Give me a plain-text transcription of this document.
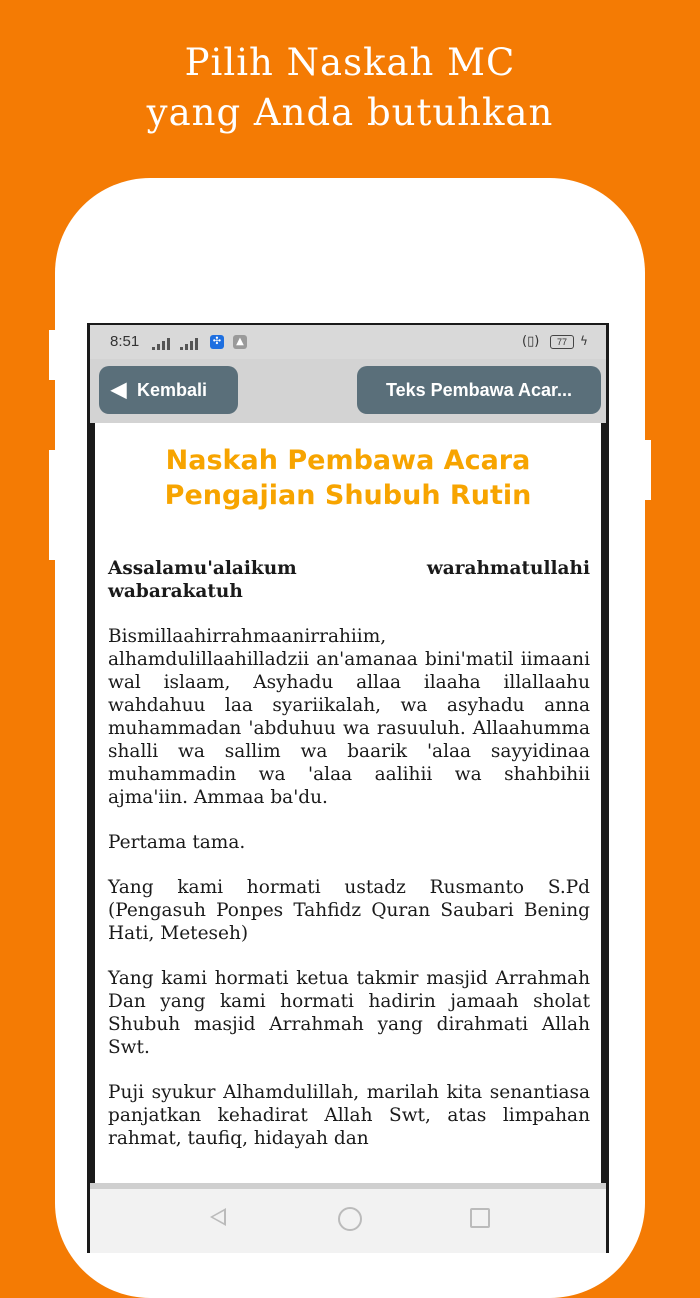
Pilih Naskah MC
yang Anda butuhkan
8:51	✣	▲	(▯)	77	ϟ
◀ Kembali	Teks Pembawa Acar...
Naskah Pembawa Acara
Pengajian Shubuh Rutin

Assalamu'alaikum warahmatullahi wabarakatuh

Bismillaahirrahmaanirrahiim, alhamdulillaahilladzii an'amanaa bini'matil iimaani wal islaam, Asyhadu allaa ilaaha illallaahu wahdahuu laa syariikalah, wa asyhadu anna muhammadan 'abduhuu wa rasuuluh. Allaahumma shalli wa sallim wa baarik 'alaa sayyidinaa muhammadin wa 'alaa aalihii wa shahbihii ajma'iin. Ammaa ba'du.

Pertama tama.

Yang kami hormati ustadz Rusmanto S.Pd (Pengasuh Ponpes Tahfidz Quran Saubari Bening Hati, Meteseh)

Yang kami hormati ketua takmir masjid Arrahmah Dan yang kami hormati hadirin jamaah sholat Shubuh masjid Arrahmah yang dirahmati Allah Swt.

Puji syukur Alhamdulillah, marilah kita senantiasa panjatkan kehadirat Allah Swt, atas limpahan rahmat, taufiq, hidayah dan
